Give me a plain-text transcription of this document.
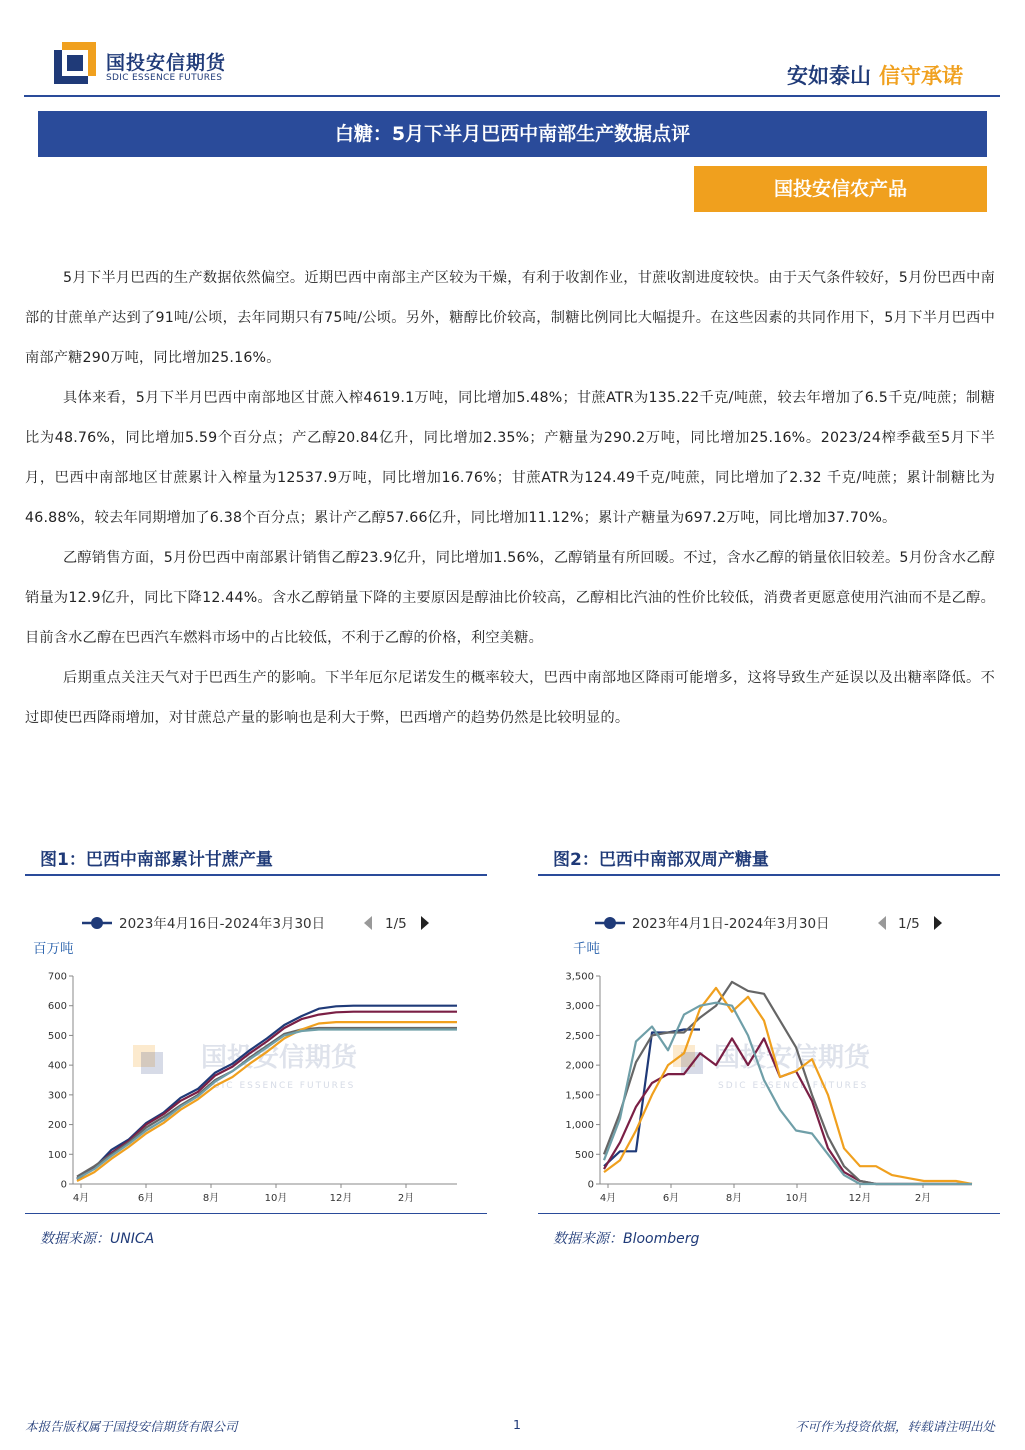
国投安信期货
SDIC ESSENCE FUTURES	安如泰山 信守承诺
白糖：5月下半月巴西中南部生产数据点评
国投安信农产品

5月下半月巴西的生产数据依然偏空。近期巴西中南部主产区较为干燥，有利于收割作业，甘蔗收割进度较快。由于天气条件较好，5月份巴西中南部的甘蔗单产达到了91吨/公顷，去年同期只有75吨/公顷。另外，糖醇比价较高，制糖比例同比大幅提升。在这些因素的共同作用下，5月下半月巴西中南部产糖290万吨，同比增加25.16%。

具体来看，5月下半月巴西中南部地区甘蔗入榨4619.1万吨，同比增加5.48%；甘蔗ATR为135.22千克/吨蔗，较去年增加了6.5千克/吨蔗；制糖比为48.76%，同比增加5.59个百分点；产乙醇20.84亿升，同比增加2.35%；产糖量为290.2万吨，同比增加25.16%。2023/24榨季截至5月下半月，巴西中南部地区甘蔗累计入榨量为12537.9万吨，同比增加16.76%；甘蔗ATR为124.49千克/吨蔗，同比增加了2.32 千克/吨蔗；累计制糖比为46.88%，较去年同期增加了6.38个百分点；累计产乙醇57.66亿升，同比增加11.12%；累计产糖量为697.2万吨，同比增加37.70%。

乙醇销售方面，5月份巴西中南部累计销售乙醇23.9亿升，同比增加1.56%，乙醇销量有所回暖。不过，含水乙醇的销量依旧较差。5月份含水乙醇销量为12.9亿升，同比下降12.44%。含水乙醇销量下降的主要原因是醇油比价较高，乙醇相比汽油的性价比较低，消费者更愿意使用汽油而不是乙醇。目前含水乙醇在巴西汽车燃料市场中的占比较低，不利于乙醇的价格，利空美糖。

后期重点关注天气对于巴西生产的影响。下半年厄尔尼诺发生的概率较大，巴西中南部地区降雨可能增多，这将导致生产延误以及出糖率降低。不过即使巴西降雨增加，对甘蔗总产量的影响也是利大于弊，巴西增产的趋势仍然是比较明显的。

图1：巴西中南部累计甘蔗产量
2023年4月16日-2024年3月30日	1/5
百万吨
国投安信期货
SDIC ESSENCE FUTURES
0
100
200
300
400
500
600
700
4月	6月	8月	10月	12月	2月
数据来源：UNICA
图2：巴西中南部双周产糖量
2023年4月1日-2024年3月30日	1/5
千吨
国投安信期货
SDIC ESSENCE FUTURES
0
500
1,000
1,500
2,000
2,500
3,000
3,500
4月	6月	8月	10月	12月	2月
数据来源：Bloomberg
本报告版权属于国投安信期货有限公司	1	不可作为投资依据，转载请注明出处
